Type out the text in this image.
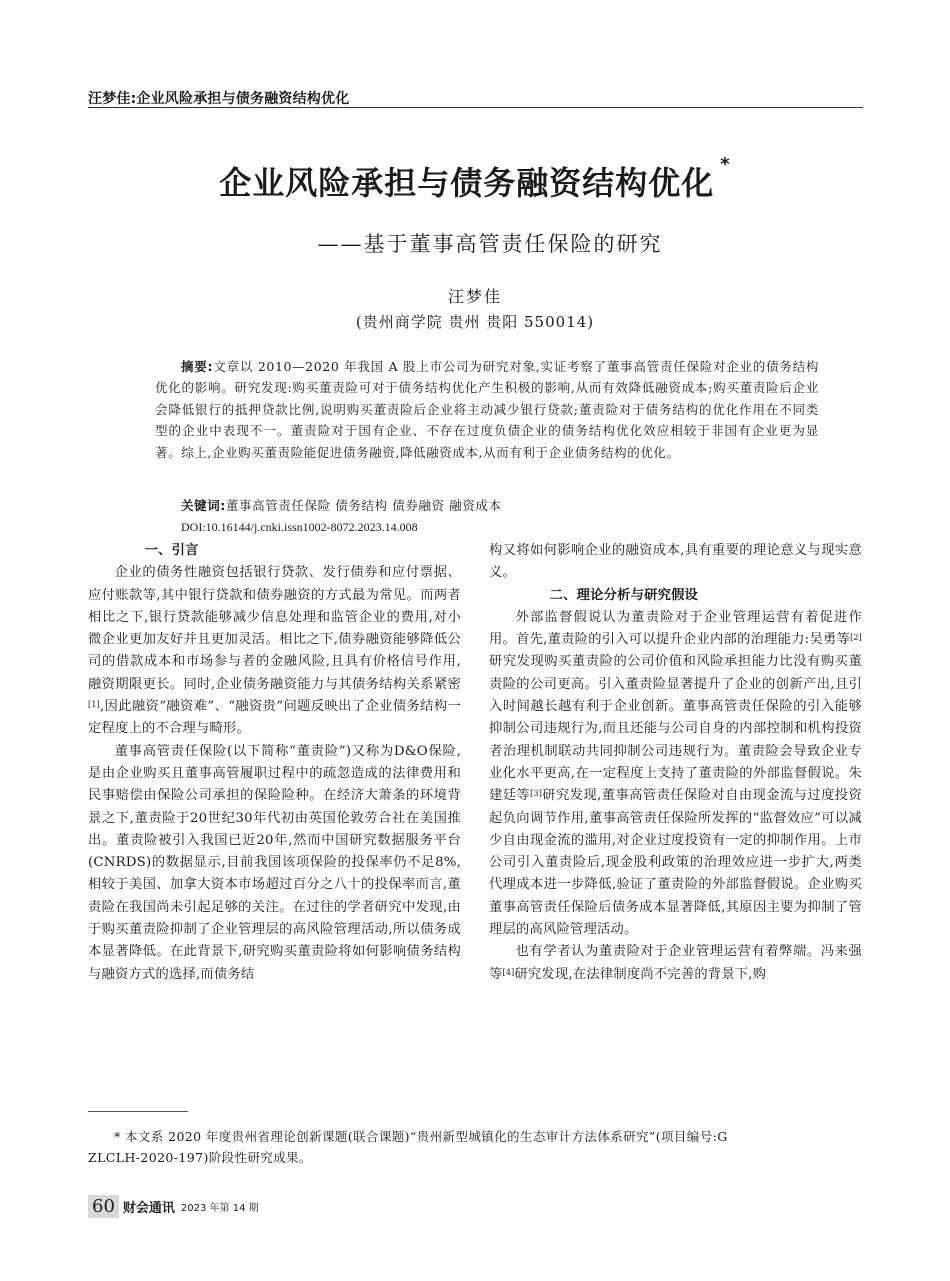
汪梦佳:企业风险承担与债务融资结构优化
企业风险承担与债务融资结构优化 *
——基于董事高管责任保险的研究
汪梦佳
(贵州商学院 贵州 贵阳 550014)
摘要:文章以 2010—2020 年我国 A 股上市公司为研究对象,实证考察了董事高管责任保险对企业的债务结构优化的影响。研究发现:购买董责险可对于债务结构优化产生积极的影响,从而有效降低融资成本;购买董责险后企业会降低银行的抵押贷款比例,说明购买董责险后企业将主动减少银行贷款;董责险对于债务结构的优化作用在不同类型的企业中表现不一。董责险对于国有企业、不存在过度负债企业的债务结构优化效应相较于非国有企业更为显著。综上,企业购买董责险能促进债务融资,降低融资成本,从而有利于企业债务结构的优化。
关键词:董事高管责任保险 债务结构 债券融资 融资成本
DOI:10.16144/j.cnki.issn1002-8072.2023.14.008

一、引言

企业的债务性融资包括银行贷款、发行债券和应付票据、应付账款等,其中银行贷款和债券融资的方式最为常见。而两者相比之下,银行贷款能够减少信息处理和监管企业的费用,对小微企业更加友好并且更加灵活。相比之下,债券融资能够降低公司的借款成本和市场参与者的金融风险,且具有价格信号作用,融资期限更长。同时,企业债务融资能力与其债务结构关系紧密[1],因此融资“融资难”、“融资贵”问题反映出了企业债务结构一定程度上的不合理与畸形。

董事高管责任保险(以下简称“董责险”)又称为D&O保险,是由企业购买且董事高管履职过程中的疏忽造成的法律费用和民事赔偿由保险公司承担的保险险种。在经济大萧条的环境背景之下,董责险于20世纪30年代初由英国伦敦劳合社在美国推出。董责险被引入我国已近20年,然而中国研究数据服务平台(CNRDS)的数据显示,目前我国该项保险的投保率仍不足8%,相较于美国、加拿大资本市场超过百分之八十的投保率而言,董责险在我国尚未引起足够的关注。在过往的学者研究中发现,由于购买董责险抑制了企业管理层的高风险管理活动,所以债务成本显著降低。在此背景下,研究购买董责险将如何影响债务结构与融资方式的选择,而债务结

构又将如何影响企业的融资成本,具有重要的理论意义与现实意义。

二、理论分析与研究假设

外部监督假说认为董责险对于企业管理运营有着促进作用。首先,董责险的引入可以提升企业内部的治理能力:吴勇等[2]研究发现购买董责险的公司价值和风险承担能力比没有购买董责险的公司更高。引入董责险显著提升了企业的创新产出,且引入时间越长越有利于企业创新。董事高管责任保险的引入能够抑制公司违规行为,而且还能与公司自身的内部控制和机构投资者治理机制联动共同抑制公司违规行为。董责险会导致企业专业化水平更高,在一定程度上支持了董责险的外部监督假说。朱建廷等[3]研究发现,董事高管责任保险对自由现金流与过度投资起负向调节作用,董事高管责任保险所发挥的“监督效应”可以减少自由现金流的滥用,对企业过度投资有一定的抑制作用。上市公司引入董责险后,现金股利政策的治理效应进一步扩大,两类代理成本进一步降低,验证了董责险的外部监督假说。企业购买董事高管责任保险后债务成本显著降低,其原因主要为抑制了管理层的高风险管理活动。

也有学者认为董责险对于企业管理运营有着弊端。冯来强等[4]研究发现,在法律制度尚不完善的背景下,购

* 本文系 2020 年度贵州省理论创新课题(联合课题)“贵州新型城镇化的生态审计方法体系研究”(项目编号:G
ZLCLH-2020-197)阶段性研究成果。
60 财会通讯 2023 年第 14 期
